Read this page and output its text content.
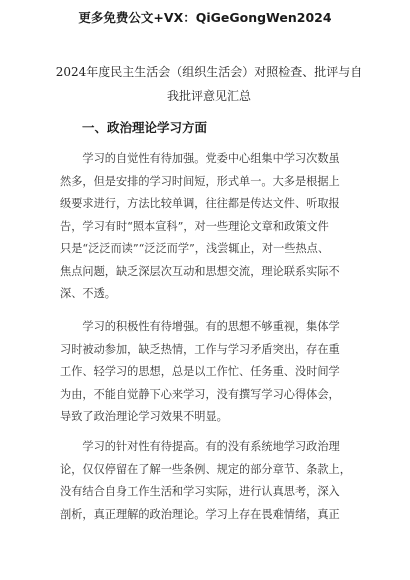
更多免费公文+VX：QiGeGongWen2024
2024年度民主生活会（组织生活会）对照检查、批评与自
我批评意见汇总
一、政治理论学习方面
　　学习的自觉性有待加强。党委中心组集中学习次数虽
然多，但是安排的学习时间短，形式单一。大多是根据上
级要求进行，方法比较单调，往往都是传达文件、听取报
告，学习有时“照本宣科”，对一些理论文章和政策文件
只是“泛泛而读”“泛泛而学”，浅尝辄止，对一些热点、
焦点问题，缺乏深层次互动和思想交流，理论联系实际不
深、不透。
　　学习的积极性有待增强。有的思想不够重视，集体学
习时被动参加，缺乏热情，工作与学习矛盾突出，存在重
工作、轻学习的思想，总是以工作忙、任务重、没时间学
为由，不能自觉静下心来学习，没有撰写学习心得体会，
导致了政治理论学习效果不明显。
　　学习的针对性有待提高。有的没有系统地学习政治理
论，仅仅停留在了解一些条例、规定的部分章节、条款上，
没有结合自身工作生活和学习实际，进行认真思考，深入
剖析，真正理解的政治理论。学习上存在畏难情绪，真正
